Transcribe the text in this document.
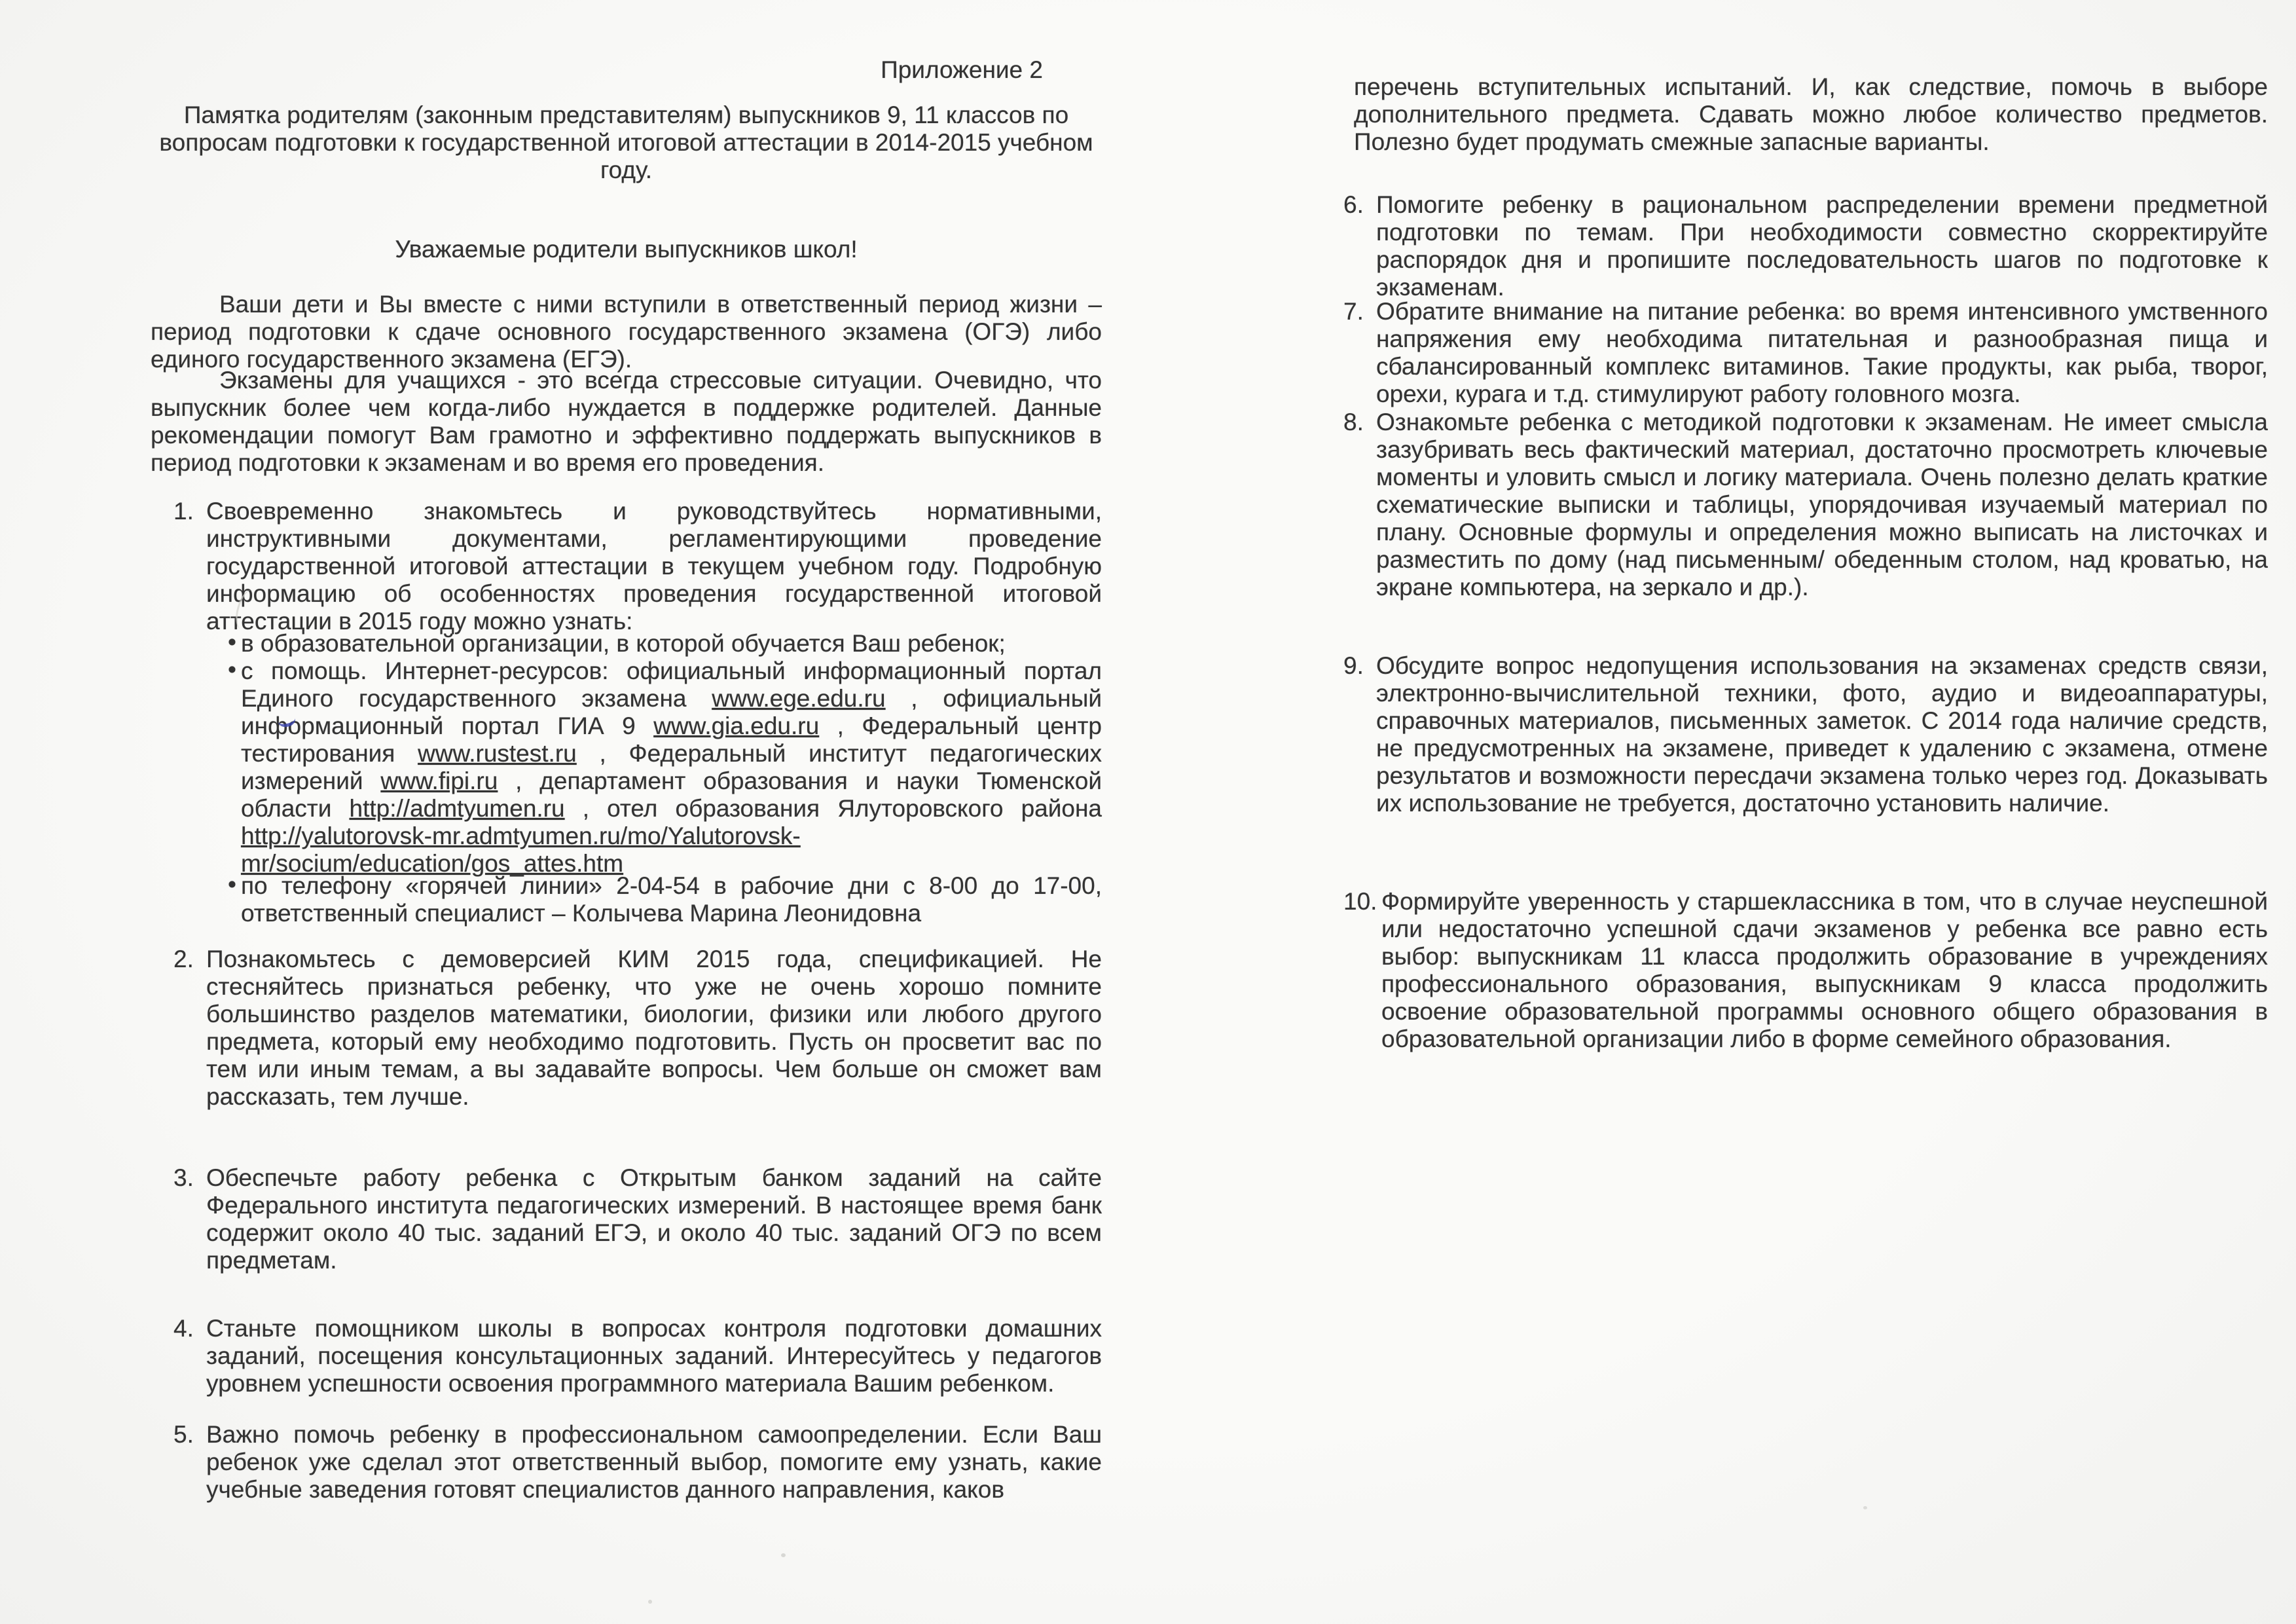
Приложение 2
Памятка родителям (законным представителям) выпускников 9, 11 классов по вопросам подготовки к государственной итоговой аттестации в 2014-2015 учебном году.
Уважаемые родители выпускников школ!
Ваши дети и Вы вместе с ними вступили в ответственный период жизни – период подготовки к сдаче основного государственного экзамена (ОГЭ) либо единого государственного экзамена (ЕГЭ).
Экзамены для учащихся - это всегда стрессовые ситуации. Очевидно, что выпускник более чем когда-либо нуждается в поддержке родителей. Данные рекомендации помогут Вам грамотно и эффективно поддержать выпускников в период подготовки к экзаменам и во время его проведения.
1. Своевременно знакомьтесь и руководствуйтесь нормативными, инструктивными документами, регламентирующими проведение государственной итоговой аттестации в текущем учебном году. Подробную информацию об особенностях проведения государственной итоговой аттестации в 2015 году можно узнать:
• в образовательной организации, в которой обучается Ваш ребенок;
• с помощь. Интернет-ресурсов: официальный информационный портал Единого государственного экзамена www.ege.edu.ru , официальный информационный портал ГИА 9 www.gia.edu.ru , Федеральный центр тестирования www.rustest.ru , Федеральный институт педагогических измерений www.fipi.ru , департамент образования и науки Тюменской области http://admtyumen.ru , отел образования Ялуторовского района http://yalutorovsk-mr.admtyumen.ru/mo/Yalutorovsk-mr/socium/education/gos_attes.htm
• по телефону «горячей линии» 2-04-54 в рабочие дни с 8-00 до 17-00, ответственный специалист – Колычева Марина Леонидовна
2. Познакомьтесь с демоверсией КИМ 2015 года, спецификацией. Не стесняйтесь признаться ребенку, что уже не очень хорошо помните большинство разделов математики, биологии, физики или любого другого предмета, который ему необходимо подготовить. Пусть он просветит вас по тем или иным темам, а вы задавайте вопросы. Чем больше он сможет вам рассказать, тем лучше.
3. Обеспечьте работу ребенка с Открытым банком заданий на сайте Федерального института педагогических измерений. В настоящее время банк содержит около 40 тыс. заданий ЕГЭ, и около 40 тыс. заданий ОГЭ по всем предметам.
4. Станьте помощником школы в вопросах контроля подготовки домашних заданий, посещения консультационных заданий. Интересуйтесь у педагогов уровнем успешности освоения программного материала Вашим ребенком.
5. Важно помочь ребенку в профессиональном самоопределении. Если Ваш ребенок уже сделал этот ответственный выбор, помогите ему узнать, какие учебные заведения готовят специалистов данного направления, каков
перечень вступительных испытаний. И, как следствие, помочь в выборе дополнительного предмета. Сдавать можно любое количество предметов. Полезно будет продумать смежные запасные варианты.
6. Помогите ребенку в рациональном распределении времени предметной подготовки по темам. При необходимости совместно скорректируйте распорядок дня и пропишите последовательность шагов по подготовке к экзаменам.
7. Обратите внимание на питание ребенка: во время интенсивного умственного напряжения ему необходима питательная и разнообразная пища и сбалансированный комплекс витаминов. Такие продукты, как рыба, творог, орехи, курага и т.д. стимулируют работу головного мозга.
8. Ознакомьте ребенка с методикой подготовки к экзаменам. Не имеет смысла зазубривать весь фактический материал, достаточно просмотреть ключевые моменты и уловить смысл и логику материала. Очень полезно делать краткие схематические выписки и таблицы, упорядочивая изучаемый материал по плану. Основные формулы и определения можно выписать на листочках и разместить по дому (над письменным/ обеденным столом, над кроватью, на экране компьютера, на зеркало и др.).
9. Обсудите вопрос недопущения использования на экзаменах средств связи, электронно-вычислительной техники, фото, аудио и видеоаппаратуры, справочных материалов, письменных заметок. С 2014 года наличие средств, не предусмотренных на экзамене, приведет к удалению с экзамена, отмене результатов и возможности пересдачи экзамена только через год. Доказывать их использование не требуется, достаточно установить наличие.
10. Формируйте уверенность у старшеклассника в том, что в случае неуспешной или недостаточно успешной сдачи экзаменов у ребенка все равно есть выбор: выпускникам 11 класса продолжить образование в учреждениях профессионального образования, выпускникам 9 класса продолжить освоение образовательной программы основного общего образования в образовательной организации либо в форме семейного образования.
